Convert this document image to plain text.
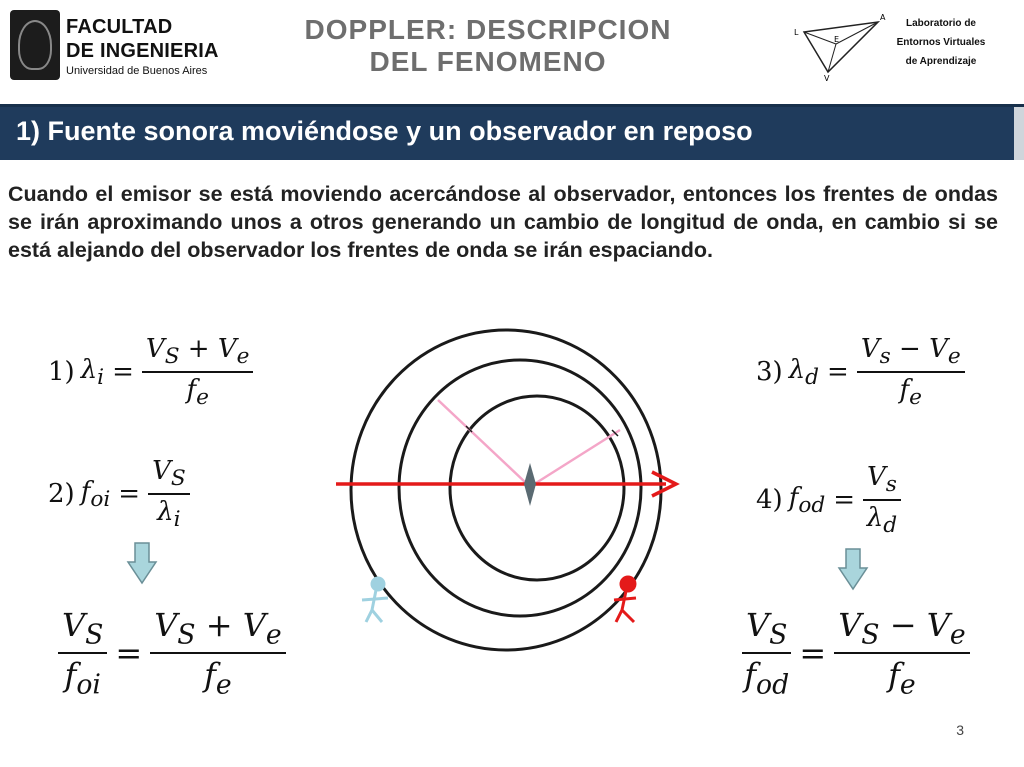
FACULTAD
DE INGENIERIA
Universidad de Buenos Aires
DOPPLER: DESCRIPCION
DEL FENOMENO
L
A
E
V
Laboratorio de
Entornos Virtuales
de Aprendizaje
1) Fuente sonora moviéndose y un observador en reposo

Cuando el emisor se está moviendo acercándose al observador, entonces los frentes de ondas se irán aproximando unos a otros generando un cambio de longitud de onda, en cambio si se está alejando del observador los frentes de onda se irán espaciando.

1) $\lambda_i = \frac{V_S + V_e}{f_e}$
2) $f_{oi} = \frac{V_S}{\lambda_i}$
$\frac{V_S}{f_{oi}} = \frac{V_S + V_e}{f_e}$
3) $\lambda_d = \frac{V_s - V_e}{f_e}$
4) $f_{od} = \frac{V_s}{\lambda_d}$
$\frac{V_S}{f_{od}} = \frac{V_S - V_e}{f_e}$
3
